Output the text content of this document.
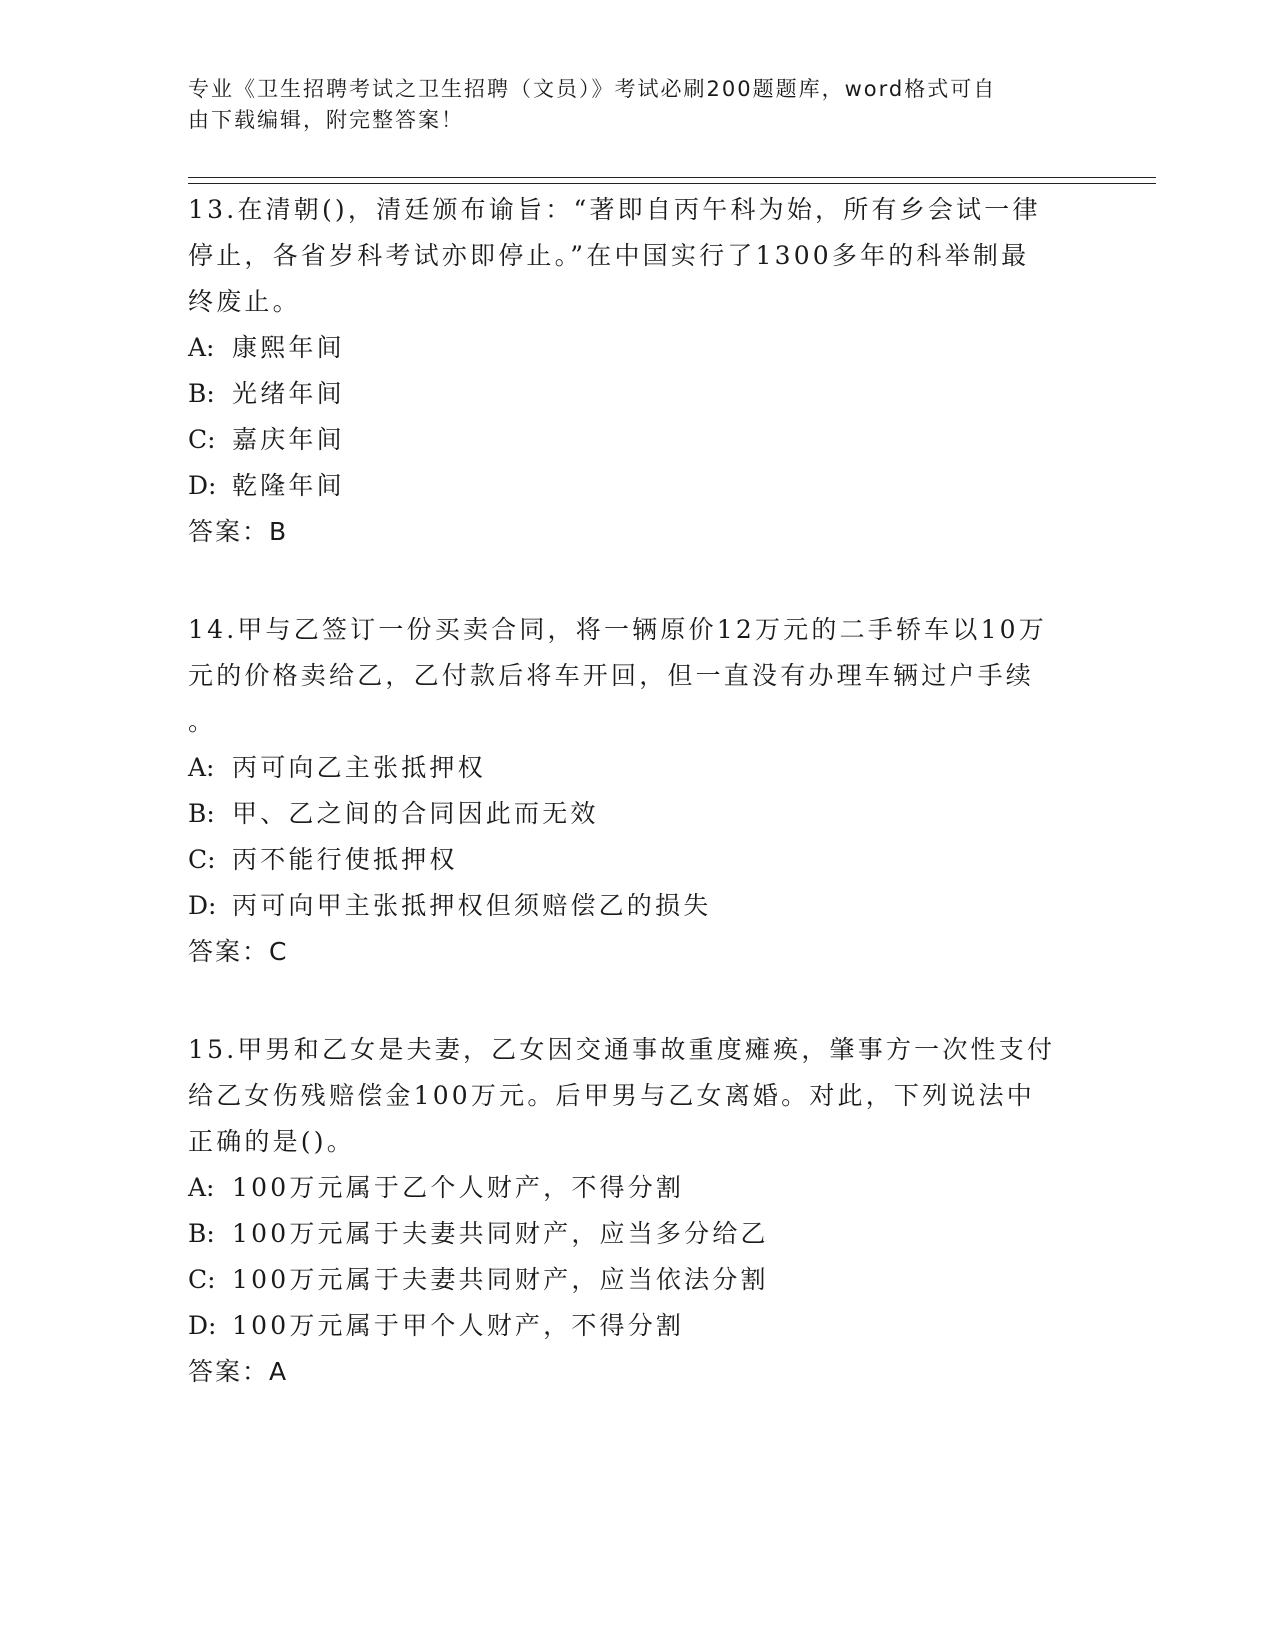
专业《卫生招聘考试之卫生招聘（文员）》考试必刷200题题库，word格式可自
由下载编辑，附完整答案！

13.在清朝()，清廷颁布谕旨：“著即自丙午科为始，所有乡会试一律

停止，各省岁科考试亦即停止。”在中国实行了1300多年的科举制最

终废止。

A: 康熙年间

B: 光绪年间

C: 嘉庆年间

D: 乾隆年间

答案：B

14.甲与乙签订一份买卖合同，将一辆原价12万元的二手轿车以10万

元的价格卖给乙，乙付款后将车开回，但一直没有办理车辆过户手续

。

A: 丙可向乙主张抵押权

B: 甲、乙之间的合同因此而无效

C: 丙不能行使抵押权

D: 丙可向甲主张抵押权但须赔偿乙的损失

答案：C

15.甲男和乙女是夫妻，乙女因交通事故重度瘫痪，肇事方一次性支付

给乙女伤残赔偿金100万元。后甲男与乙女离婚。对此，下列说法中

正确的是()。

A: 100万元属于乙个人财产，不得分割

B: 100万元属于夫妻共同财产，应当多分给乙

C: 100万元属于夫妻共同财产，应当依法分割

D: 100万元属于甲个人财产，不得分割

答案：A
